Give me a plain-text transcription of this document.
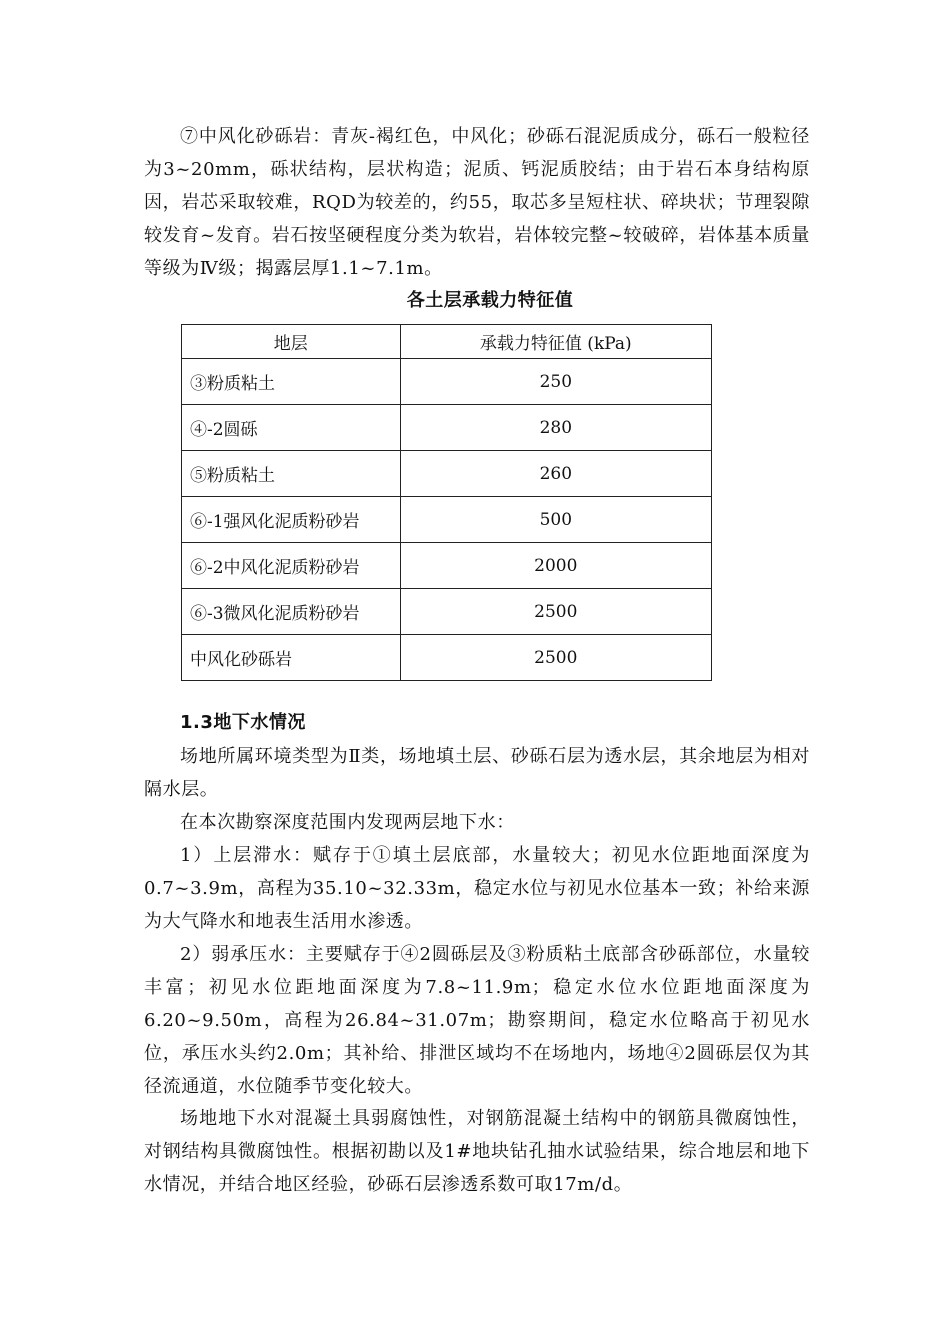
⑦中风化砂砾岩：青灰-褐红色，中风化；砂砾石混泥质成分，砾石一般粒径为3~20mm，砾状结构，层状构造；泥质、钙泥质胶结；由于岩石本身结构原因，岩芯采取较难，RQD为较差的，约55，取芯多呈短柱状、碎块状；节理裂隙较发育~发育。岩石按坚硬程度分类为软岩，岩体较完整~较破碎，岩体基本质量等级为Ⅳ级；揭露层厚1.1~7.1m。

各土层承载力特征值
地层	承载力特征值 (kPa)
③粉质粘土	250
④-2圆砾	280
⑤粉质粘土	260
⑥-1强风化泥质粉砂岩	500
⑥-2中风化泥质粉砂岩	2000
⑥-3微风化泥质粉砂岩	2500
中风化砂砾岩	2500
1.3地下水情况

场地所属环境类型为Ⅱ类，场地填土层、砂砾石层为透水层，其余地层为相对隔水层。

在本次勘察深度范围内发现两层地下水：

1）上层滞水：赋存于①填土层底部，水量较大；初见水位距地面深度为0.7~3.9m，高程为35.10~32.33m，稳定水位与初见水位基本一致；补给来源为大气降水和地表生活用水渗透。

2）弱承压水：主要赋存于④2圆砾层及③粉质粘土底部含砂砾部位，水量较丰富；初见水位距地面深度为7.8~11.9m；稳定水位水位距地面深度为6.20~9.50m，高程为26.84~31.07m；勘察期间，稳定水位略高于初见水位，承压水头约2.0m；其补给、排泄区域均不在场地内，场地④2圆砾层仅为其径流通道，水位随季节变化较大。

场地地下水对混凝土具弱腐蚀性，对钢筋混凝土结构中的钢筋具微腐蚀性，对钢结构具微腐蚀性。根据初勘以及1#地块钻孔抽水试验结果，综合地层和地下水情况，并结合地区经验，砂砾石层渗透系数可取17m/d。
